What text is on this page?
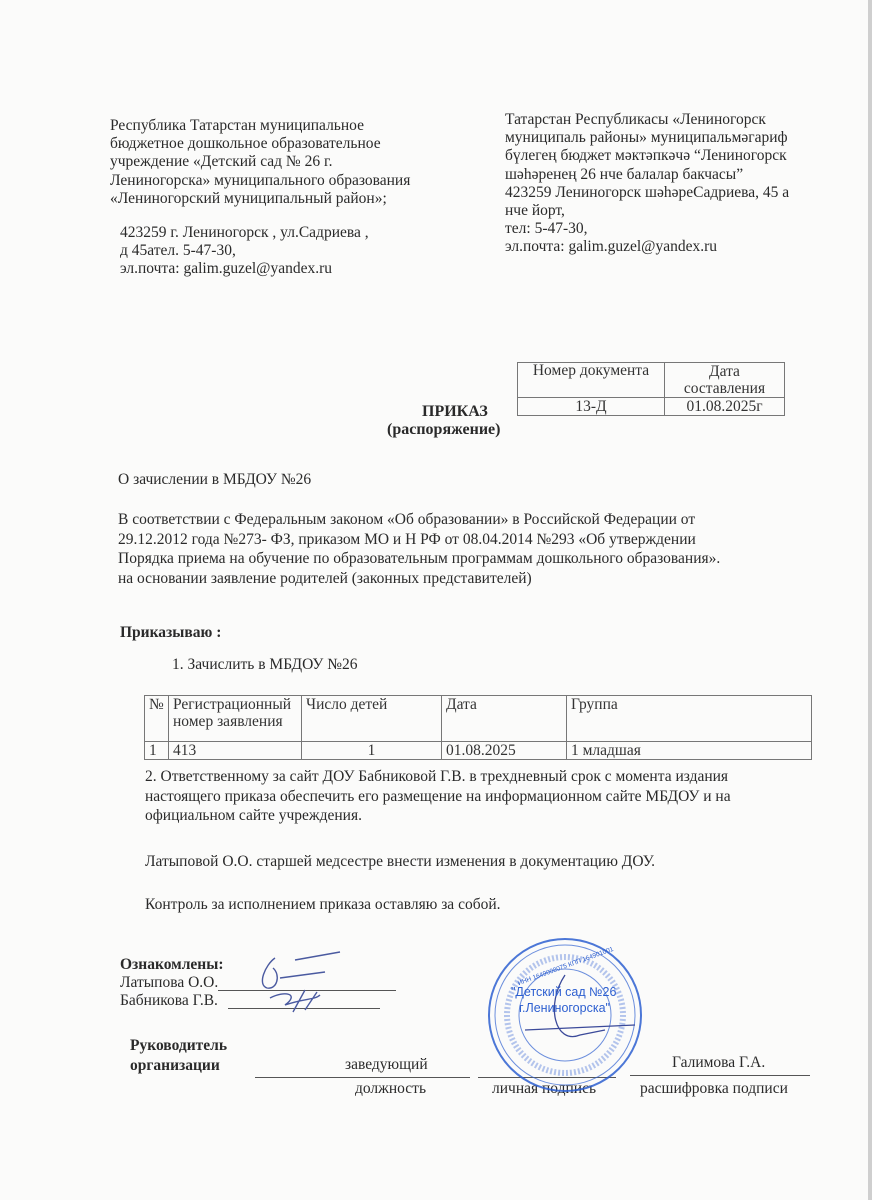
Республика Татарстан муниципальное
бюджетное дошкольное образовательное
учреждение «Детский сад № 26 г.
Лениногорска» муниципального образования
«Лениногорский муниципальный район»;
423259 г. Лениногорск , ул.Садриева ,
д 45ател. 5-47-30,
эл.почта: galim.guzel@yandex.ru
Татарстан Республикасы «Лениногорск
муниципаль районы» муниципальмәгариф
бүлегең бюджет мәктәпкәчә “Лениногорск
шәһәренең 26 нче балалар бакчасы”
423259 Лениногорск шәһәреСадриева, 45 а
нче йорт,
тел: 5-47-30,
эл.почта: galim.guzel@yandex.ru
Номер документа	Дата составления
13-Д	01.08.2025г
ПРИКАЗ
(распоряжение)
О зачислении в МБДОУ №26
В соответствии с Федеральным законом «Об образовании» в Российской Федерации от
29.12.2012 года №273- ФЗ, приказом МО и Н РФ от 08.04.2014 №293 «Об утверждении
Порядка приема на обучение по образовательным программам дошкольного образования».
на основании заявление родителей (законных представителей)
Приказываю :
1. Зачислить в МБДОУ №26
№	Регистрационный номер заявления	Число детей	Дата	Группа
1	413	1	01.08.2025	1 младшая
2. Ответственному за сайт ДОУ Бабниковой Г.В. в трехдневный срок с момента издания
настоящего приказа обеспечить его размещение на информационном сайте МБДОУ и на
официальном сайте учреждения.
Латыповой О.О. старшей медсестре внести изменения в документацию ДОУ.
Контроль за исполнением приказа оставляю за собой.
Ознакомлены:
Латыпова О.О.
Бабникова Г.В.
Руководитель
организации	заведующий
должность	личная подпись
Галимова Г.А.
расшифровка подписи
"Детский сад №26
г.Лениногорска"
ИНН 1649008075 КПП 164901001
